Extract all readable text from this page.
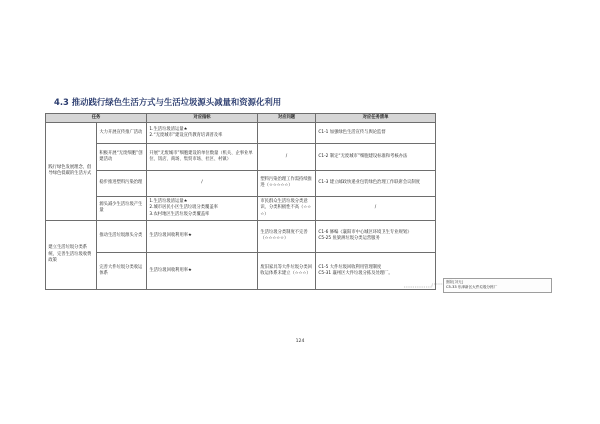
4.3 推动践行绿色生活方式与生活垃圾源头减量和资源化利用
任务		对应指标	对应问题	对应任务清单
践行绿色发展理念，倡导绿色低碳的生活方式	大力开展宣传推广活动	1.生活垃圾清运量★
2.“无废城市”建设宣传教育培训普及率		C1-1 加强绿色生活宣传与舆论监督

	积极开展“无废细胞”创建活动	开展“无废城市”细胞建设的单位数量（机关、企事业单位、饭店、商场、集贸市场、社区、村镇）	/	C1-2 制定“无废城市”细胞建设标准和考核办法

	稳步推进塑料污染治理	/	塑料污染治理工作需持续推进（☆☆☆☆☆）	C1-3 建立邮政快递业包装绿色治理工作联席会议制度

	源头减少生活垃圾产生量	1.生活垃圾清运量★
2.城市居民小区生活垃圾分类覆盖率
3.农村地区生活垃圾分类覆盖率	市民群众生活垃圾分类意识、分类积极性不高（☆☆☆）	/

建立生活垃圾分类系统，完善生活垃圾收费政策	推动生活垃圾源头分类	生活垃圾回收利用率★	生活垃圾分类制度不完善（☆☆☆☆☆）	C1-6 修编《襄阳市中心城区环境卫生专业规划》
C5-25 鱼梁洲垃圾分类运营服务

	完善大件垃圾分类收运体系	生活垃圾回收利用率★	废旧家具等大件垃圾分类回收运体系未建立（☆☆☆）	C1-5 大件垃圾回收利用管理制度
C5-31 襄州区大件垃圾分拣及处理厂。
删除[刘光]
C5-33 东津新区大件垃圾分拣厂
124
